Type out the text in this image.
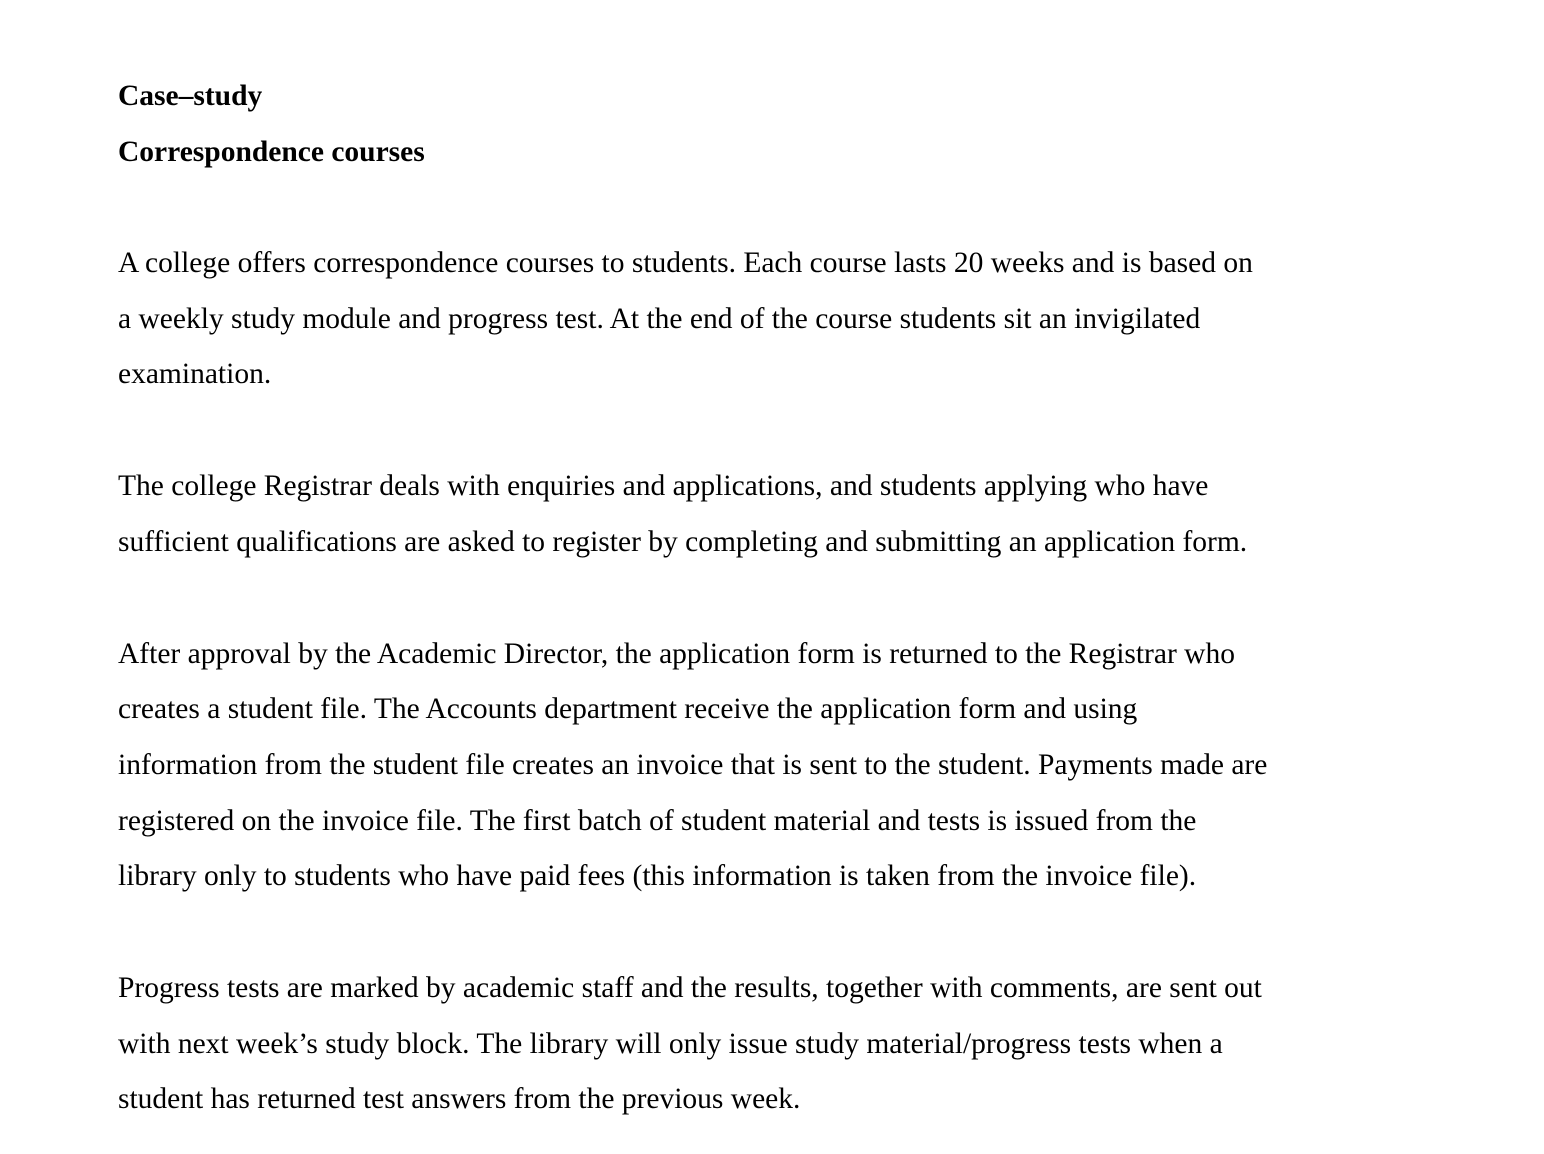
Case–study
Correspondence courses
A college offers correspondence courses to students. Each course lasts 20 weeks and is based on
a weekly study module and progress test. At the end of the course students sit an invigilated
examination.
The college Registrar deals with enquiries and applications, and students applying who have
sufficient qualifications are asked to register by completing and submitting an application form.
After approval by the Academic Director, the application form is returned to the Registrar who
creates a student file. The Accounts department receive the application form and using
information from the student file creates an invoice that is sent to the student. Payments made are
registered on the invoice file. The first batch of student material and tests is issued from the
library only to students who have paid fees (this information is taken from the invoice file).
Progress tests are marked by academic staff and the results, together with comments, are sent out
with next week’s study block. The library will only issue study material/progress tests when a
student has returned test answers from the previous week.
